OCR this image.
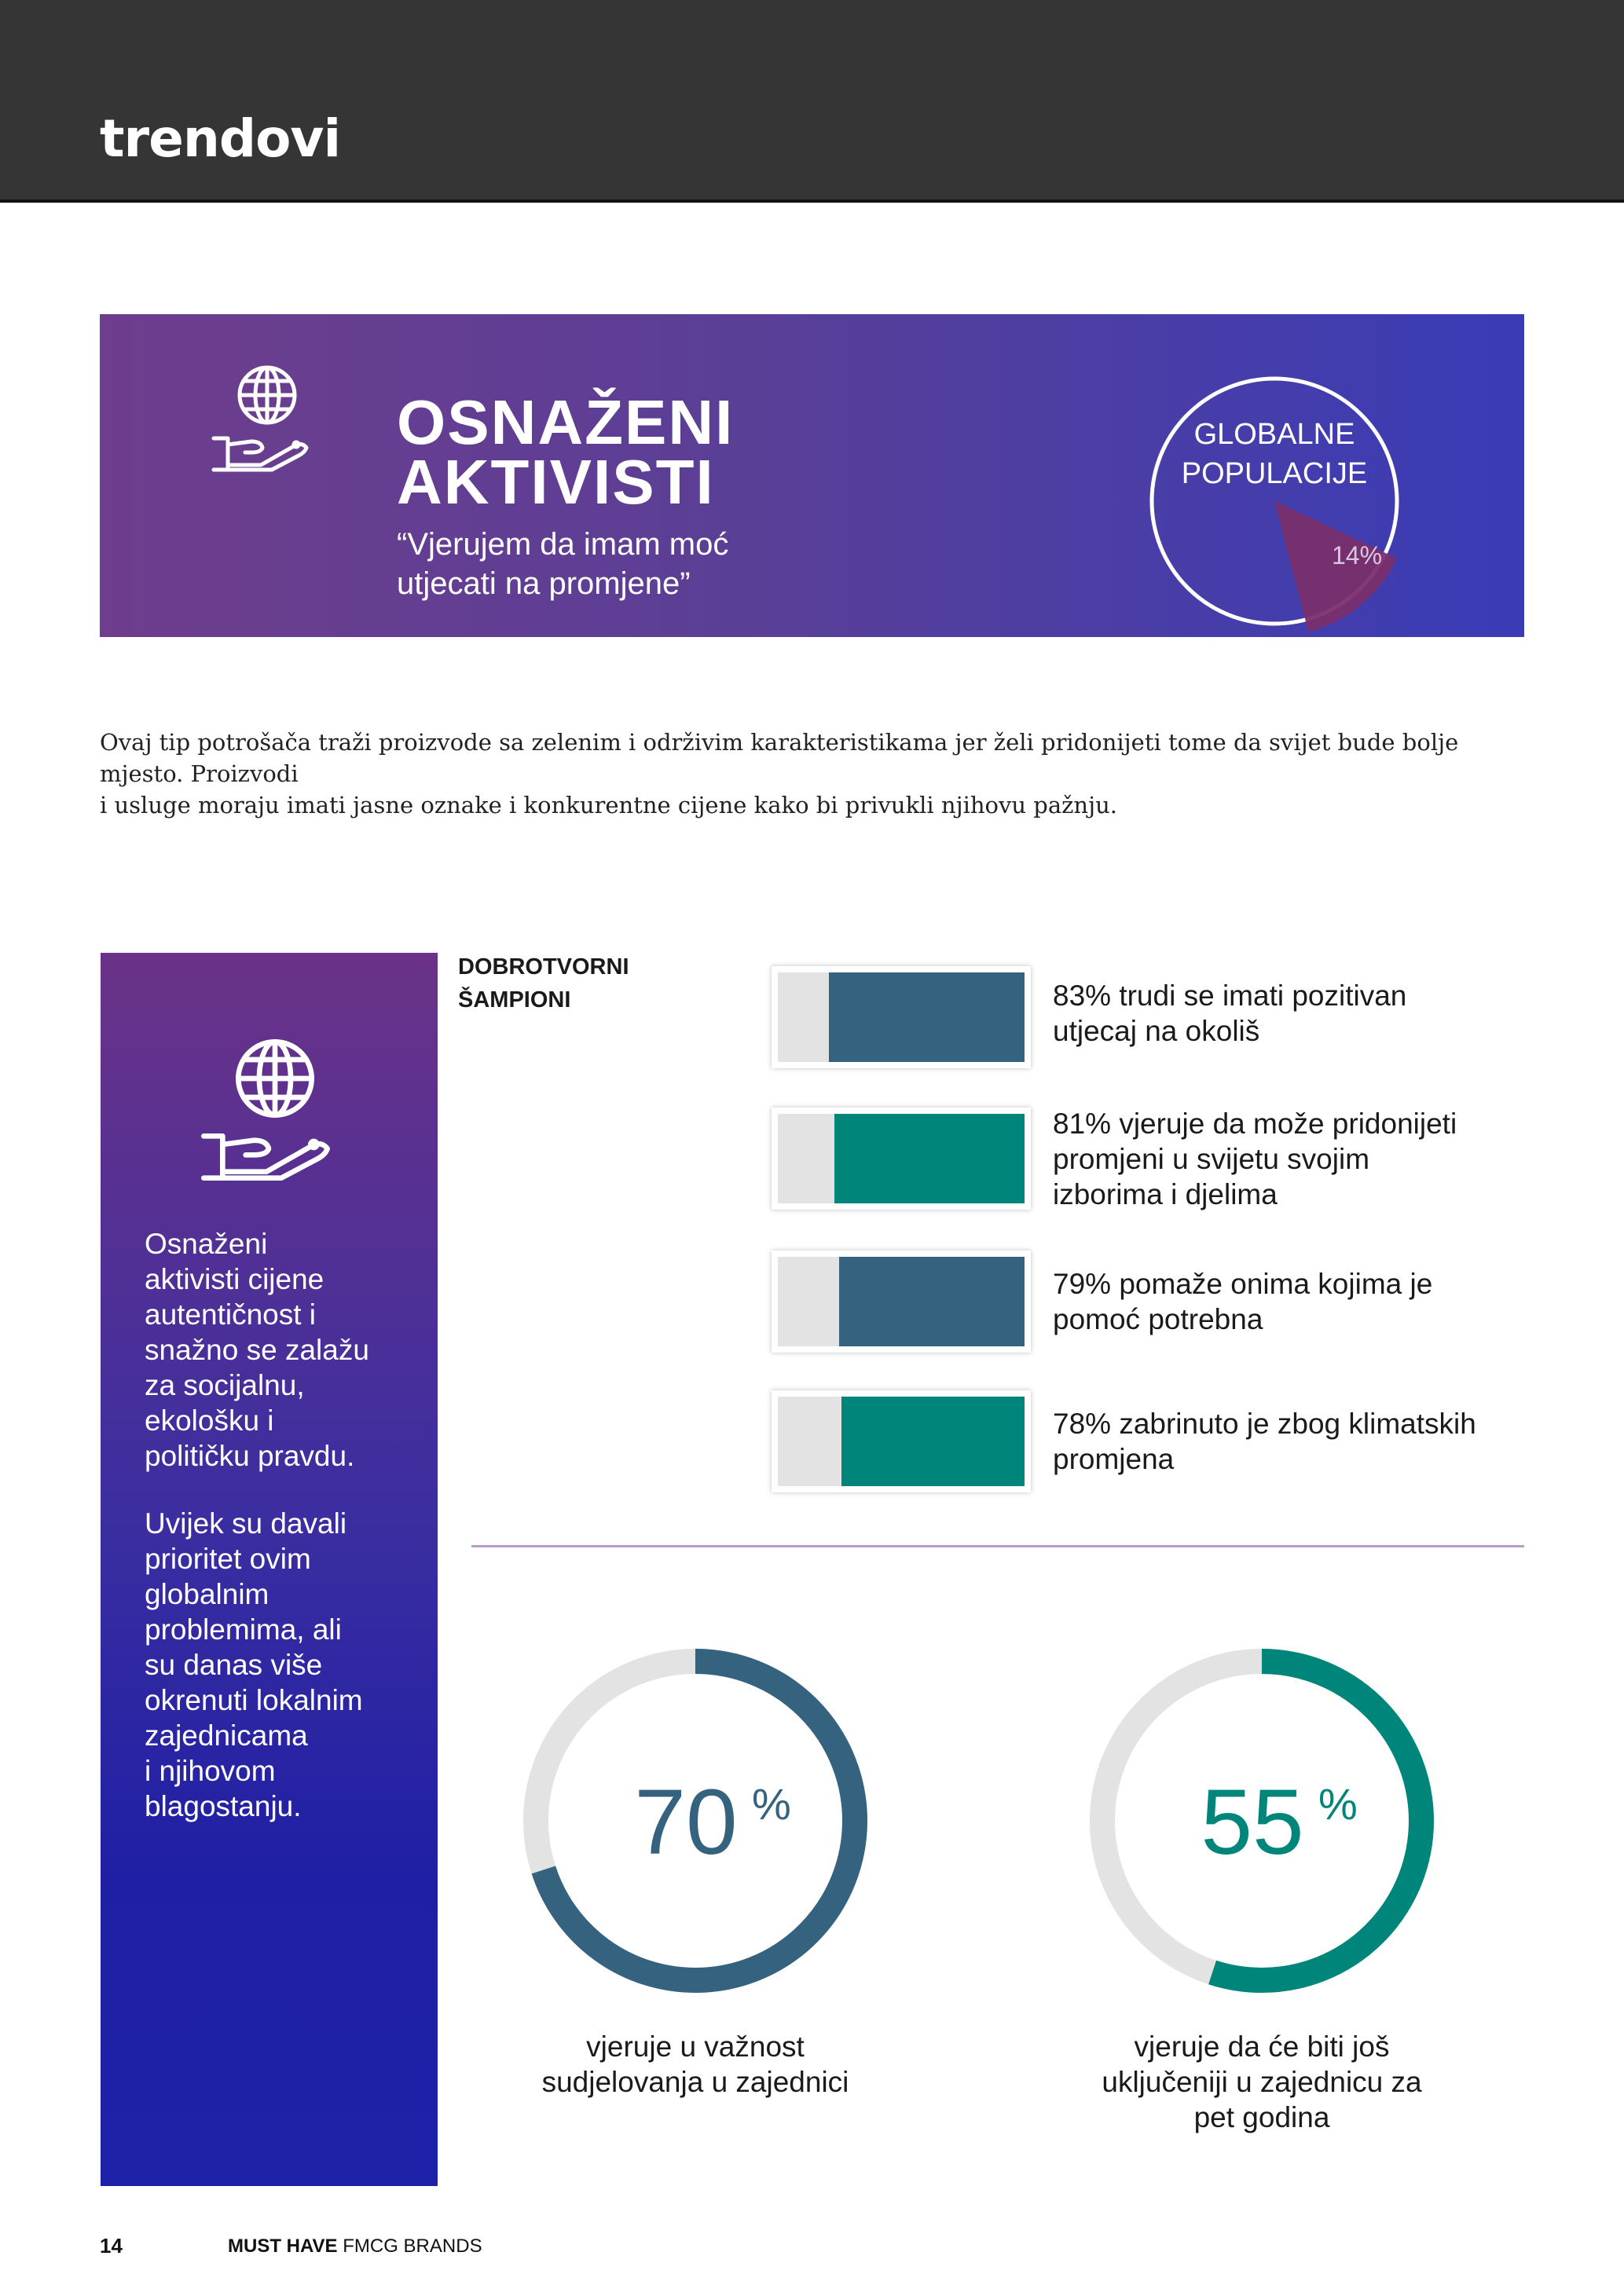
trendovi
OSNAŽENI
AKTIVISTI
“Vjerujem da imam moć
utjecati na promjene”
GLOBALNE
POPULACIJE
14%
Ovaj tip potrošača traži proizvode sa zelenim i održivim karakteristikama jer želi pridonijeti tome da svijet bude bolje mjesto. Proizvodi
i usluge moraju imati jasne oznake i konkurentne cijene kako bi privukli njihovu pažnju.
Osnaženi
aktivisti cijene
autentičnost i
snažno se zalažu
za socijalnu,
ekološku i
političku pravdu.
Uvijek su davali
prioritet ovim
globalnim
problemima, ali
su danas više
okrenuti lokalnim
zajednicama
i njihovom
blagostanju.
DOBROTVORNI
ŠAMPIONI	83% trudi se imati pozitivan
utjecaj na okoliš
81% vjeruje da može pridonijeti
promjeni u svijetu svojim
izborima i djelima
79% pomaže onima kojima je
pomoć potrebna
78% zabrinuto je zbog klimatskih
promjena
70 %
vjeruje u važnost
sudjelovanja u zajednici
55 %
vjeruje da će biti još
uključeniji u zajednicu za
pet godina
14	MUST HAVE FMCG BRANDS
